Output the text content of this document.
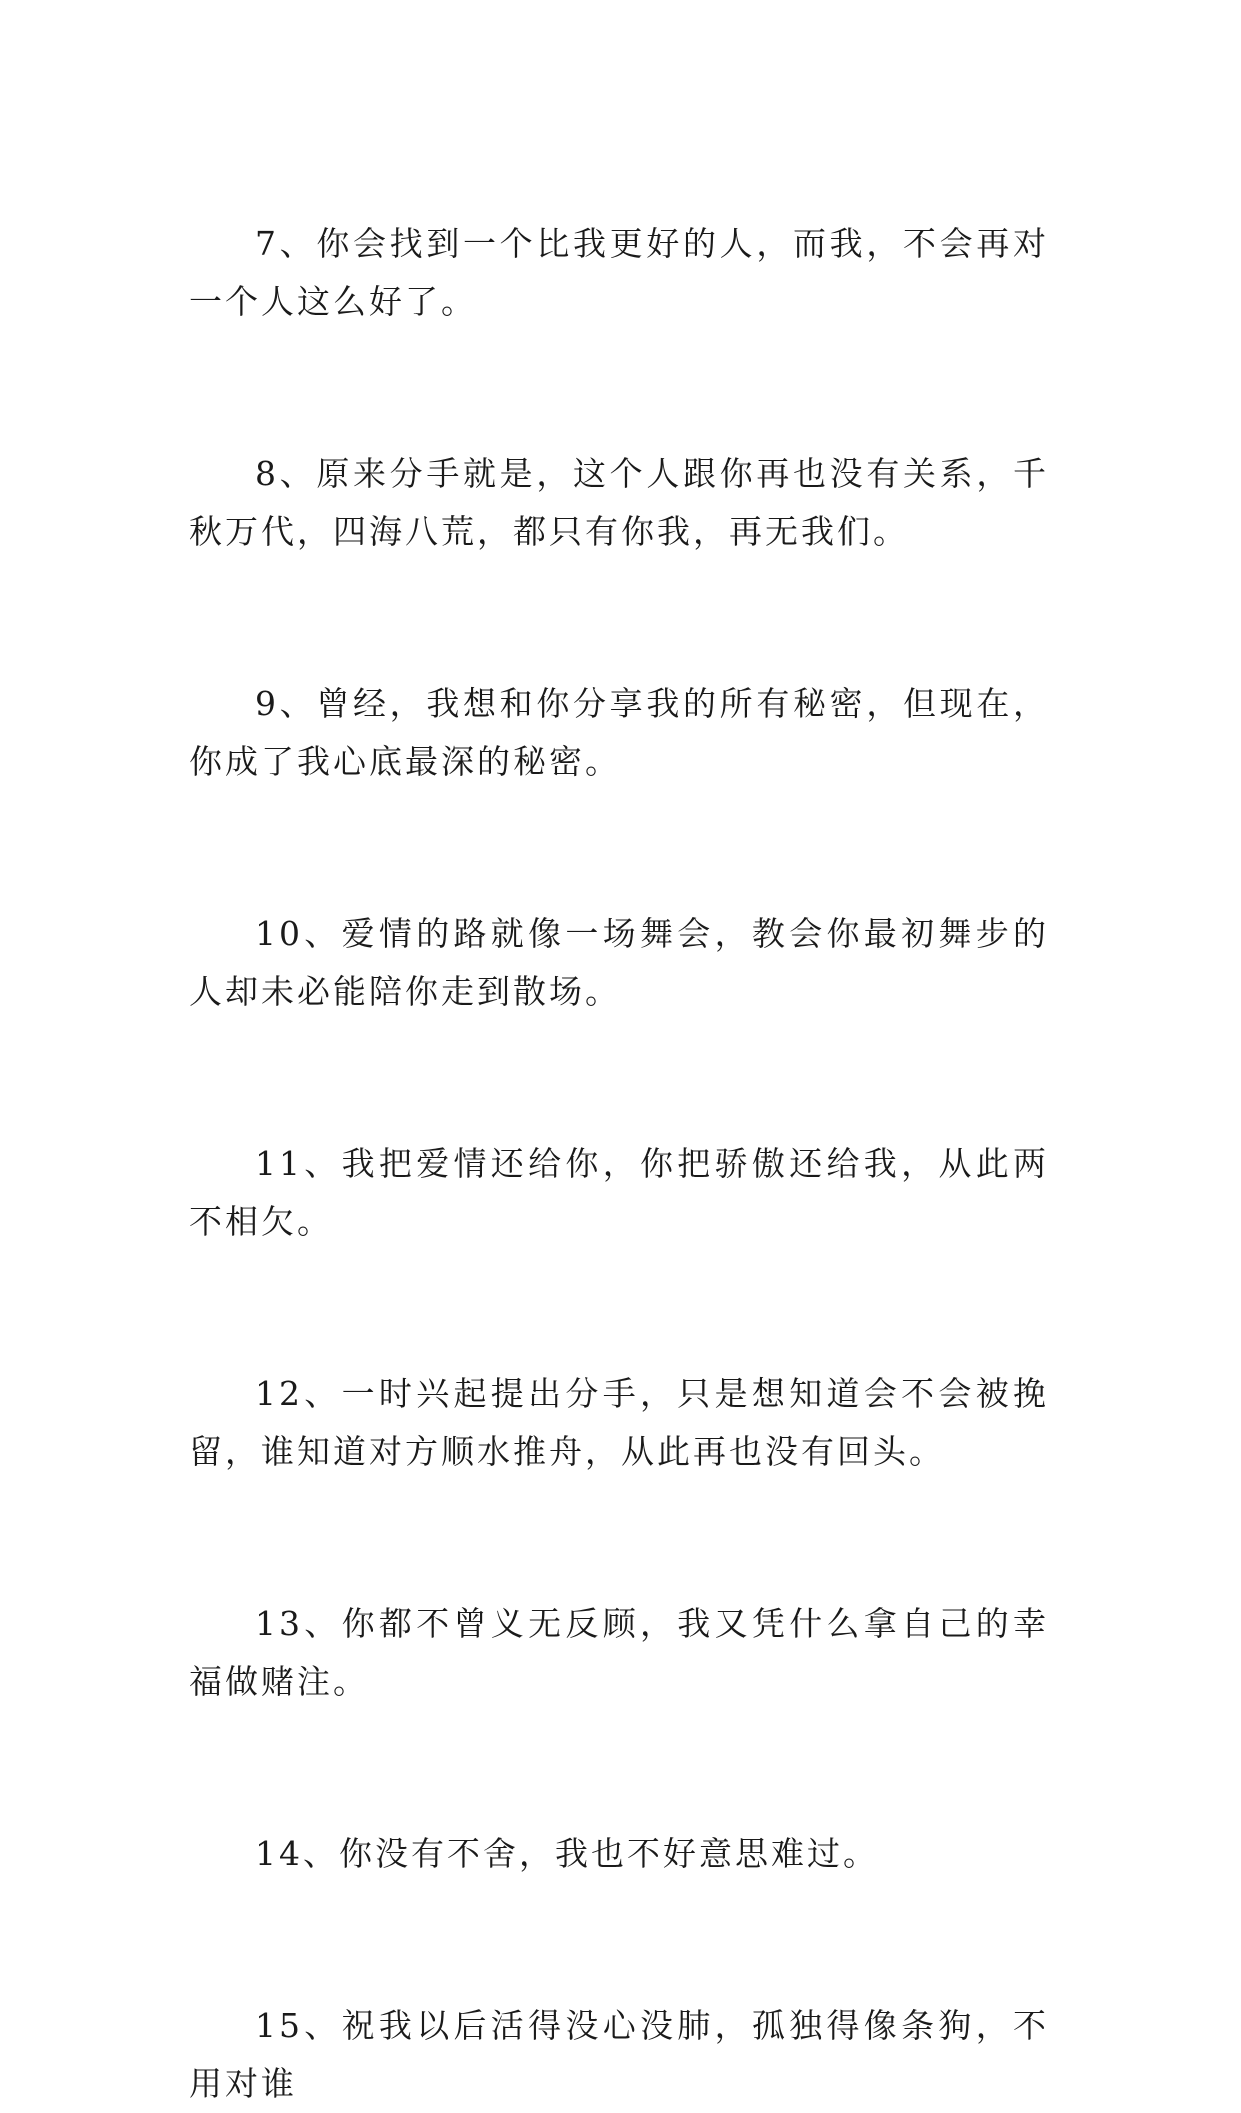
7、你会找到一个比我更好的人，而我，不会再对一个人这么好了。

8、原来分手就是，这个人跟你再也没有关系，千秋万代，四海八荒，都只有你我，再无我们。

9、曾经，我想和你分享我的所有秘密，但现在，你成了我心底最深的秘密。

10、爱情的路就像一场舞会，教会你最初舞步的人却未必能陪你走到散场。

11、我把爱情还给你，你把骄傲还给我，从此两不相欠。

12、一时兴起提出分手，只是想知道会不会被挽留，谁知道对方顺水推舟，从此再也没有回头。

13、你都不曾义无反顾，我又凭什么拿自己的幸福做赌注。

14、你没有不舍，我也不好意思难过。

15、祝我以后活得没心没肺，孤独得像条狗，不用对谁
